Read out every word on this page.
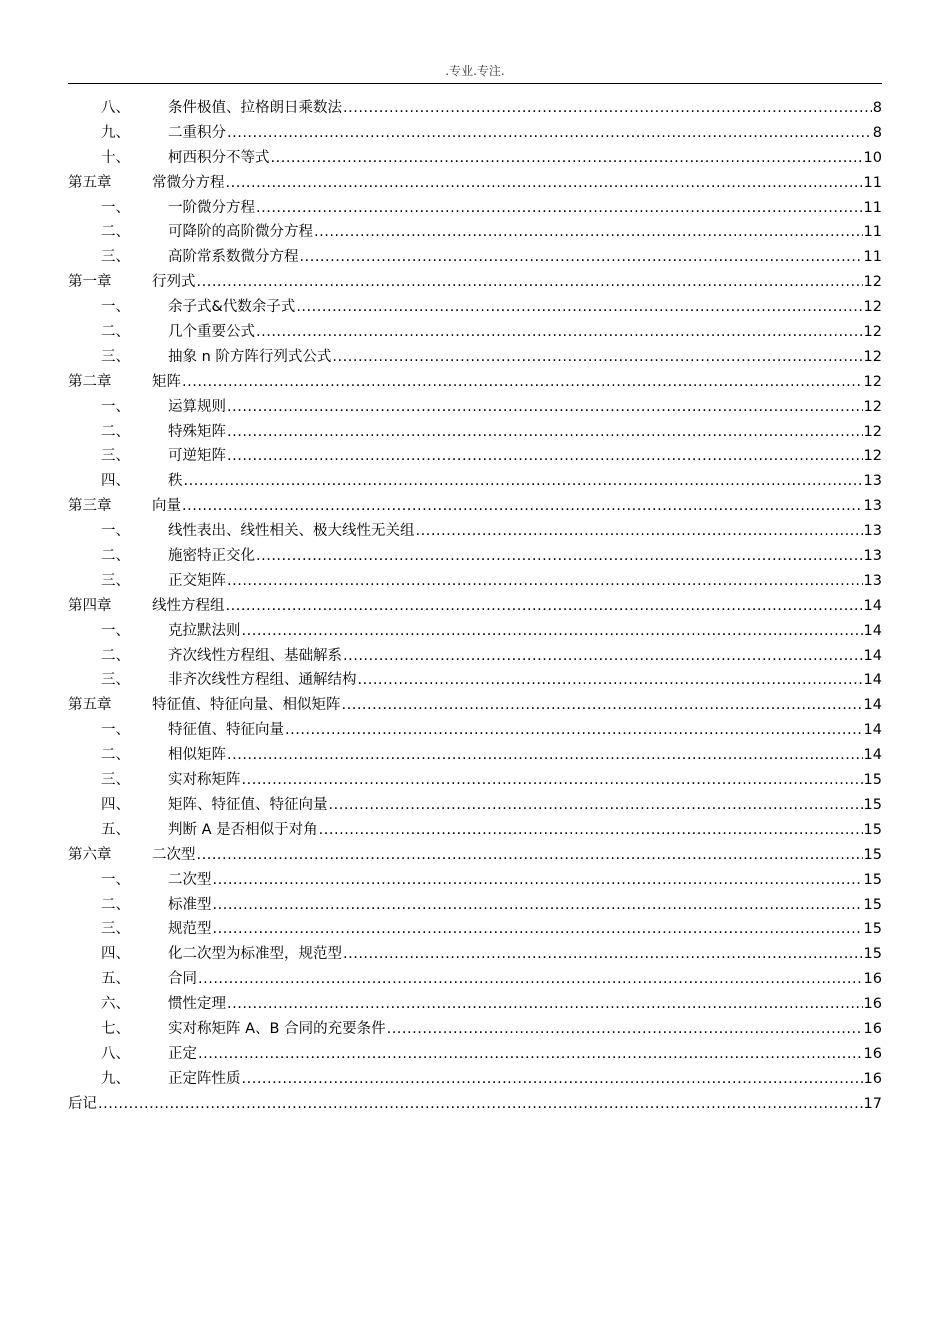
.专业.专注.
八、	条件极值、拉格朗日乘数法 .....	8
九、	二重积分 .....	8
十、	柯西积分不等式 .....	10
第五章	常微分方程 .....	11
一、	一阶微分方程 .....	11
二、	可降阶的高阶微分方程 .....	11
三、	高阶常系数微分方程 .....	11
第一章	行列式 .....	12
一、	余子式&代数余子式 .....	12
二、	几个重要公式 .....	12
三、	抽象 n 阶方阵行列式公式 .....	12
第二章	矩阵 .....	12
一、	运算规则 .....	12
二、	特殊矩阵 .....	12
三、	可逆矩阵 .....	12
四、	秩 .....	13
第三章	向量 .....	13
一、	线性表出、线性相关、极大线性无关组 .....	13
二、	施密特正交化 .....	13
三、	正交矩阵 .....	13
第四章	线性方程组 .....	14
一、	克拉默法则 .....	14
二、	齐次线性方程组、基础解系 .....	14
三、	非齐次线性方程组、通解结构 .....	14
第五章	特征值、特征向量、相似矩阵 .....	14
一、	特征值、特征向量 .....	14
二、	相似矩阵 .....	14
三、	实对称矩阵 .....	15
四、	矩阵、特征值、特征向量 .....	15
五、	判断 A 是否相似于对角 .....	15
第六章	二次型 .....	15
一、	二次型 .....	15
二、	标准型 .....	15
三、	规范型 .....	15
四、	化二次型为标准型，规范型 .....	15
五、	合同 .....	16
六、	惯性定理 .....	16
七、	实对称矩阵 A、B 合同的充要条件 .....	16
八、	正定 .....	16
九、	正定阵性质 .....	16
后记 .....	17
